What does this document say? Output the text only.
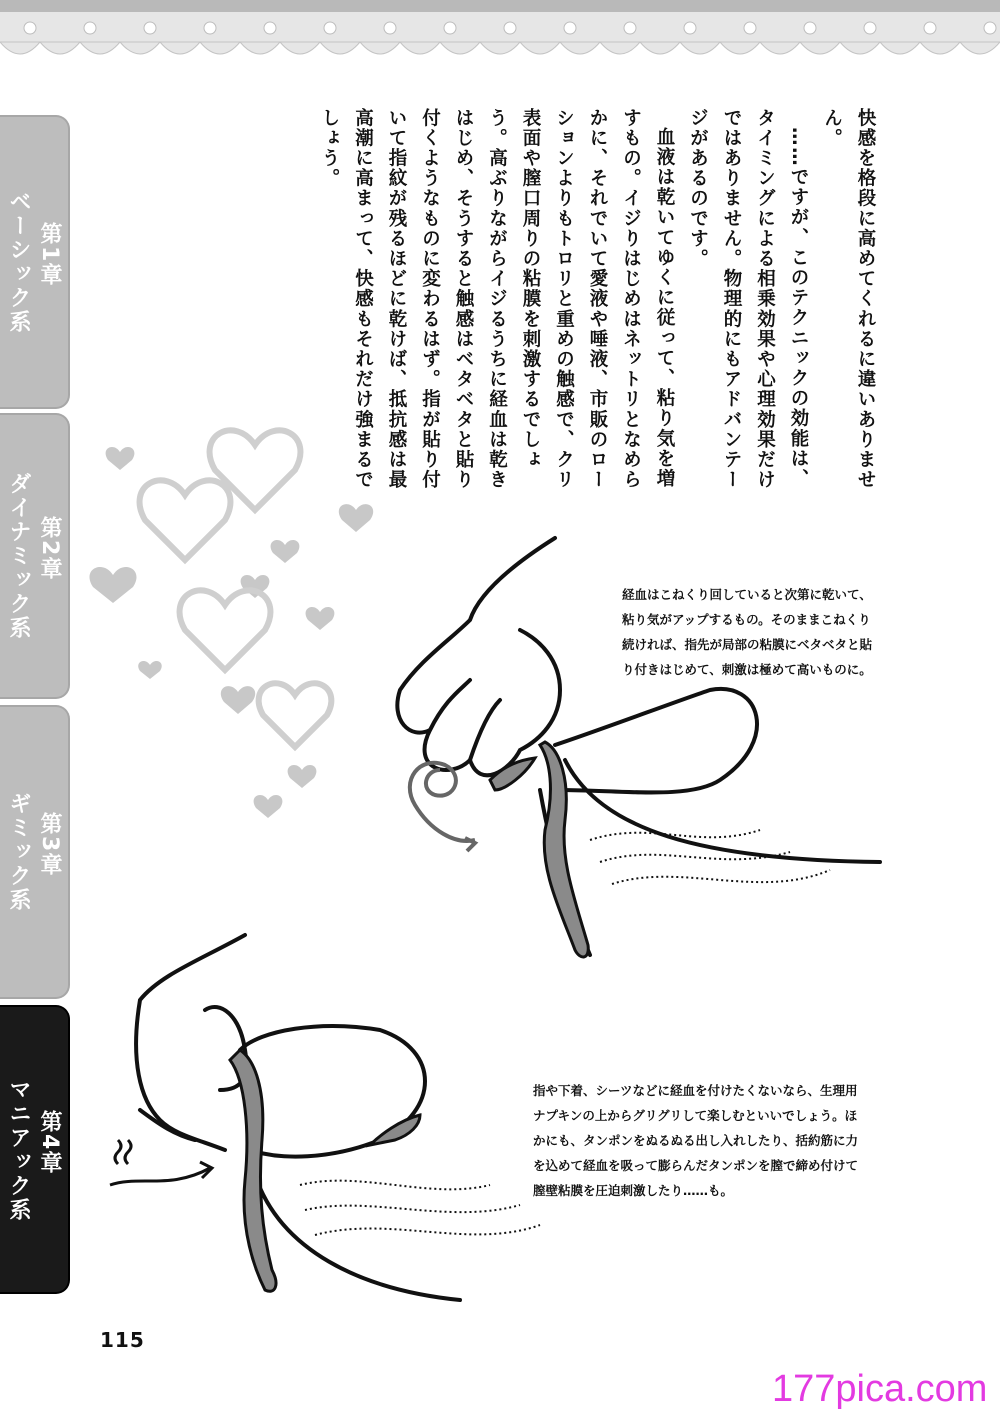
第1章
ベーシック系
第2章
ダイナミック系
第3章
ギミック系
第4章
マニアック系

快感を格段に高めてくれるに違いありません。

……ですが、このテクニックの効能は、タイミングによる相乗効果や心理効果だけではありません。物理的にもアドバンテージがあるのです。

血液は乾いてゆくに従って、粘り気を増すもの。イジりはじめはネットリとなめらかに、それでいて愛液や唾液、市販のローションよりもトロリと重めの触感で、クリ表面や膣口周りの粘膜を刺激するでしょう。高ぶりながらイジるうちに経血は乾きはじめ、そうすると触感はベタベタと貼り付くようなものに変わるはず。指が貼り付いて指紋が残るほどに乾けば、抵抗感は最高潮に高まって、快感もそれだけ強まるでしょう。

経血はこねくり回していると次第に乾いて、粘り気がアップするもの。そのままこねくり続ければ、指先が局部の粘膜にベタベタと貼り付きはじめて、刺激は極めて高いものに。
指や下着、シーツなどに経血を付けたくないなら、生理用ナプキンの上からグリグリして楽しむといいでしょう。ほかにも、タンポンをぬるぬる出し入れしたり、括約筋に力を込めて経血を吸って膨らんだタンポンを膣で締め付けて膣壁粘膜を圧迫刺激したり……も。
115
177pica.com
